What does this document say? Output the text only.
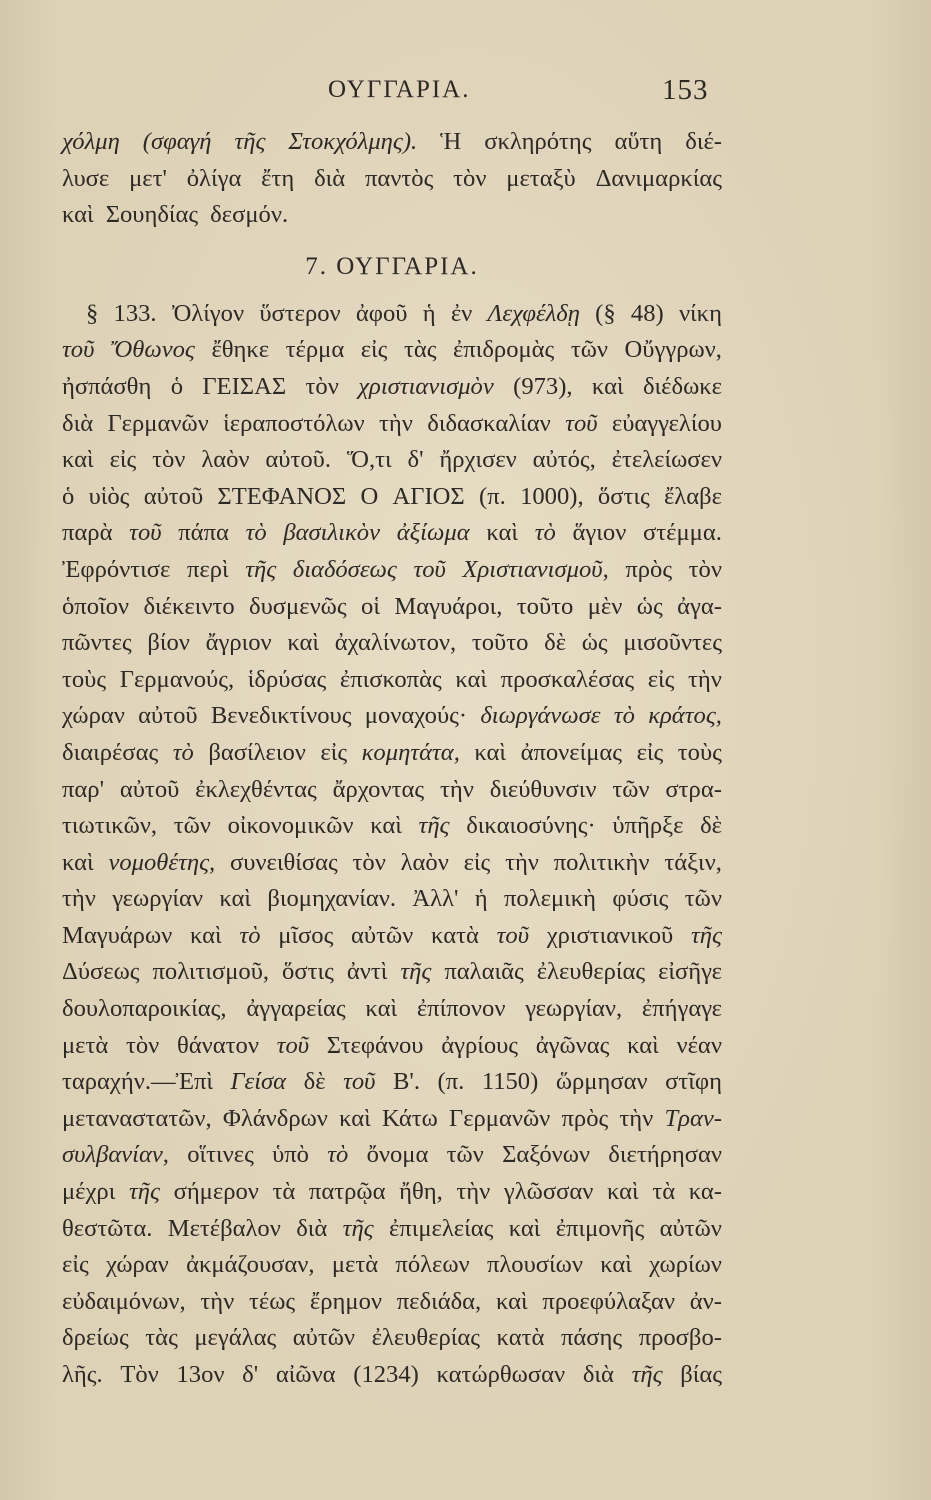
ΟΥΓΓΑΡΙΑ.	153
χόλμη (σφαγή τῆς Στοκχόλμης). Ἡ σκληρότης αὕτη διέ-
λυσε μετ' ὀλίγα ἔτη διὰ παντὸς τὸν μεταξὺ Δανιμαρκίας
καὶ Σουηδίας δεσμόν.
7. ΟΥΓΓΑΡΙΑ.
§ 133. Ὀλίγον ὕστερον ἀφοῦ ἡ ἐν Λεχφέλδῃ (§ 48) νίκη
τοῦ Ὄθωνος ἔθηκε τέρμα εἰς τὰς ἐπιδρομὰς τῶν Οὔγγρων,
ἠσπάσθη ὁ ΓΕΙΣΑΣ τὸν χριστιανισμὸν (973), καὶ διέδωκε
διὰ Γερμανῶν ἱεραποστόλων τὴν διδασκαλίαν τοῦ εὐαγγελίου
καὶ εἰς τὸν λαὸν αὐτοῦ. Ὅ,τι δ' ἤρχισεν αὐτός, ἐτελείωσεν
ὁ υἱὸς αὐτοῦ ΣΤΕΦΑΝΟΣ Ο ΑΓΙΟΣ (π. 1000), ὅστις ἔλαβε
παρὰ τοῦ πάπα τὸ βασιλικὸν ἀξίωμα καὶ τὸ ἅγιον στέμμα.
Ἐφρόντισε περὶ τῆς διαδόσεως τοῦ Χριστιανισμοῦ, πρὸς τὸν
ὁποῖον διέκειντο δυσμενῶς οἱ Μαγυάροι, τοῦτο μὲν ὡς ἀγα-
πῶντες βίον ἄγριον καὶ ἀχαλίνωτον, τοῦτο δὲ ὡς μισοῦντες
τοὺς Γερμανούς, ἱδρύσας ἐπισκοπὰς καὶ προσκαλέσας εἰς τὴν
χώραν αὐτοῦ Βενεδικτίνους μοναχούς· διωργάνωσε τὸ κράτος,
διαιρέσας τὸ βασίλειον εἰς κομητάτα, καὶ ἀπονείμας εἰς τοὺς
παρ' αὐτοῦ ἐκλεχθέντας ἄρχοντας τὴν διεύθυνσιν τῶν στρα-
τιωτικῶν, τῶν οἰκονομικῶν καὶ τῆς δικαιοσύνης· ὑπῆρξε δὲ
καὶ νομοθέτης, συνειθίσας τὸν λαὸν εἰς τὴν πολιτικὴν τάξιν,
τὴν γεωργίαν καὶ βιομηχανίαν. Ἀλλ' ἡ πολεμικὴ φύσις τῶν
Μαγυάρων καὶ τὸ μῖσος αὐτῶν κατὰ τοῦ χριστιανικοῦ τῆς
Δύσεως πολιτισμοῦ, ὅστις ἀντὶ τῆς παλαιᾶς ἐλευθερίας εἰσῆγε
δουλοπαροικίας, ἀγγαρείας καὶ ἐπίπονον γεωργίαν, ἐπήγαγε
μετὰ τὸν θάνατον τοῦ Στεφάνου ἀγρίους ἀγῶνας καὶ νέαν
ταραχήν.—Ἐπὶ Γείσα δὲ τοῦ Β'. (π. 1150) ὥρμησαν στῖφη
μεταναστατῶν, Φλάνδρων καὶ Κάτω Γερμανῶν πρὸς τὴν Τραν-
συλβανίαν, οἵτινες ὑπὸ τὸ ὄνομα τῶν Σαξόνων διετήρησαν
μέχρι τῆς σήμερον τὰ πατρῷα ἤθη, τὴν γλῶσσαν καὶ τὰ κα-
θεστῶτα. Μετέβαλον διὰ τῆς ἐπιμελείας καὶ ἐπιμονῆς αὐτῶν
εἰς χώραν ἀκμάζουσαν, μετὰ πόλεων πλουσίων καὶ χωρίων
εὐδαιμόνων, τὴν τέως ἔρημον πεδιάδα, καὶ προεφύλαξαν ἀν-
δρείως τὰς μεγάλας αὐτῶν ἐλευθερίας κατὰ πάσης προσβο-
λῆς. Τὸν 13ον δ' αἰῶνα (1234) κατώρθωσαν διὰ τῆς βίας
